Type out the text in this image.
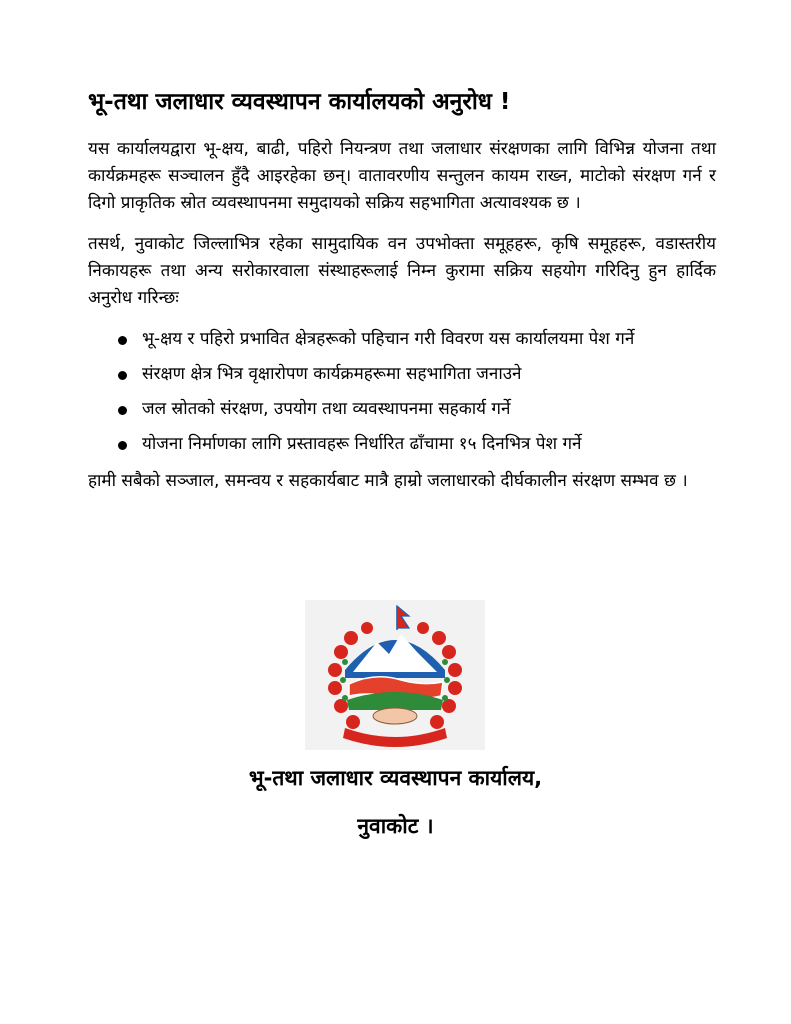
भू-तथा जलाधार व्यवस्थापन कार्यालयको अनुरोध !

यस कार्यालयद्वारा भू-क्षय, बाढी, पहिरो नियन्त्रण तथा जलाधार संरक्षणका लागि विभिन्न योजना तथा कार्यक्रमहरू सञ्चालन हुँदै आइरहेका छन्। वातावरणीय सन्तुलन कायम राख्न, माटोको संरक्षण गर्न र दिगो प्राकृतिक स्रोत व्यवस्थापनमा समुदायको सक्रिय सहभागिता अत्यावश्यक छ ।

तसर्थ, नुवाकोट जिल्लाभित्र रहेका सामुदायिक वन उपभोक्ता समूहहरू, कृषि समूहहरू, वडास्तरीय निकायहरू तथा अन्य सरोकारवाला संस्थाहरूलाई निम्न कुरामा सक्रिय सहयोग गरिदिनु हुन हार्दिक अनुरोध गरिन्छः

भू-क्षय र पहिरो प्रभावित क्षेत्रहरूको पहिचान गरी विवरण यस कार्यालयमा पेश गर्ने
संरक्षण क्षेत्र भित्र वृक्षारोपण कार्यक्रमहरूमा सहभागिता जनाउने
जल स्रोतको संरक्षण, उपयोग तथा व्यवस्थापनमा सहकार्य गर्ने
योजना निर्माणका लागि प्रस्तावहरू निर्धारित ढाँचामा १५ दिनभित्र पेश गर्ने

हामी सबैको सञ्जाल, समन्वय र सहकार्यबाट मात्रै हाम्रो जलाधारको दीर्घकालीन संरक्षण सम्भव छ ।

भू-तथा जलाधार व्यवस्थापन कार्यालय,
नुवाकोट ।
